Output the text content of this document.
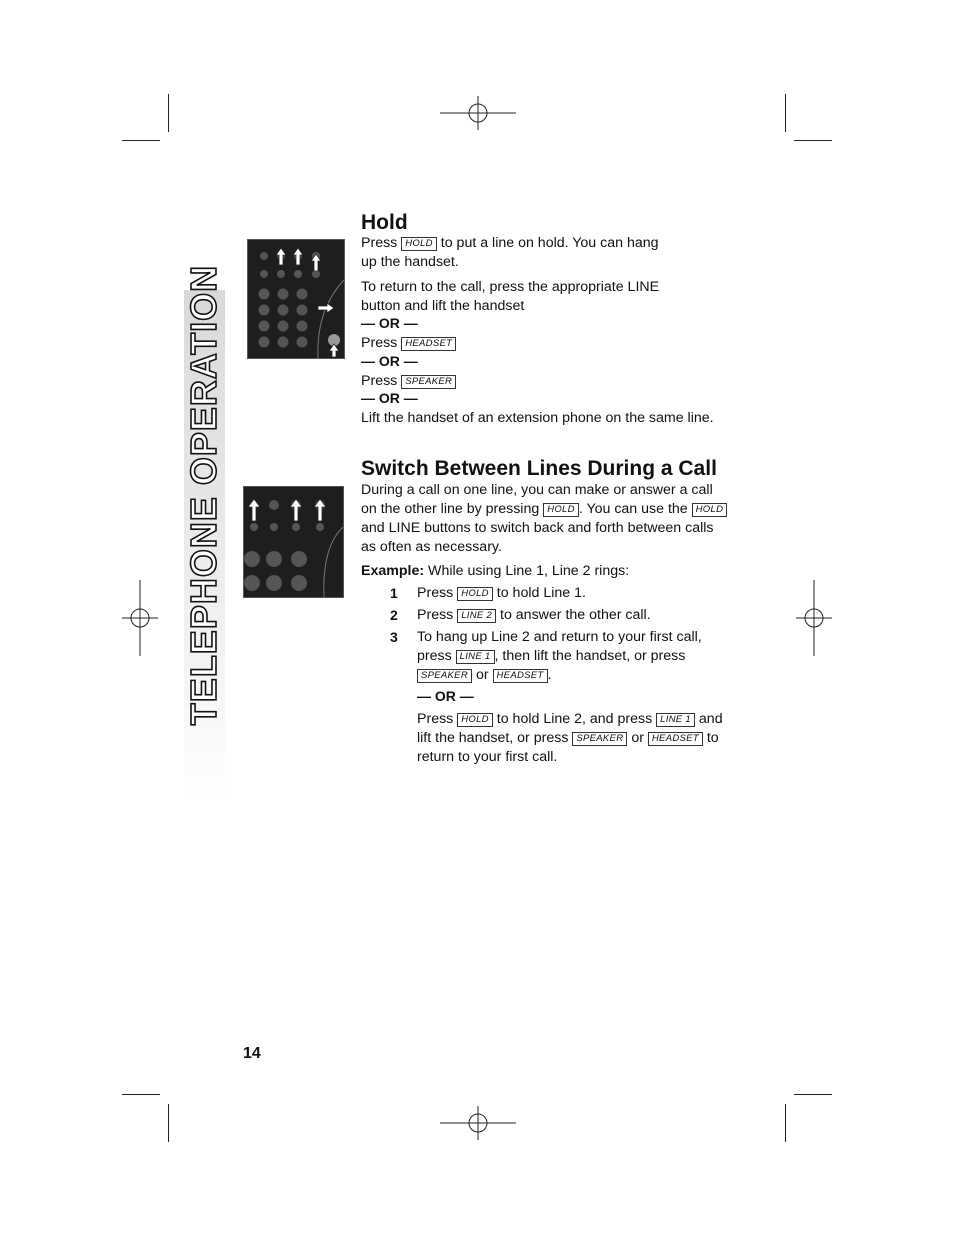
TELEPHONE OPERATION
Hold

Press HOLD to put a line on hold. You can hang up the handset.

To return to the call, press the appropriate LINE button and lift the handset

— OR —

Press HEADSET

— OR —

Press SPEAKER

— OR —

Lift the handset of an extension phone on the same line.

Switch Between Lines During a Call

During a call on one line, you can make or answer a call on the other line by pressing HOLD . You can use the HOLD and LINE buttons to switch back and forth between calls as often as necessary.

Example: While using Line 1, Line 2 rings:

1 Press HOLD to hold Line 1.
2 Press LINE 2 to answer the other call.
3 To hang up Line 2 and return to your first call, press LINE 1 , then lift the handset, or press SPEAKER or HEADSET .
— OR —
Press HOLD to hold Line 2, and press LINE 1 and lift the handset, or press SPEAKER or HEADSET to return to your first call.
14
